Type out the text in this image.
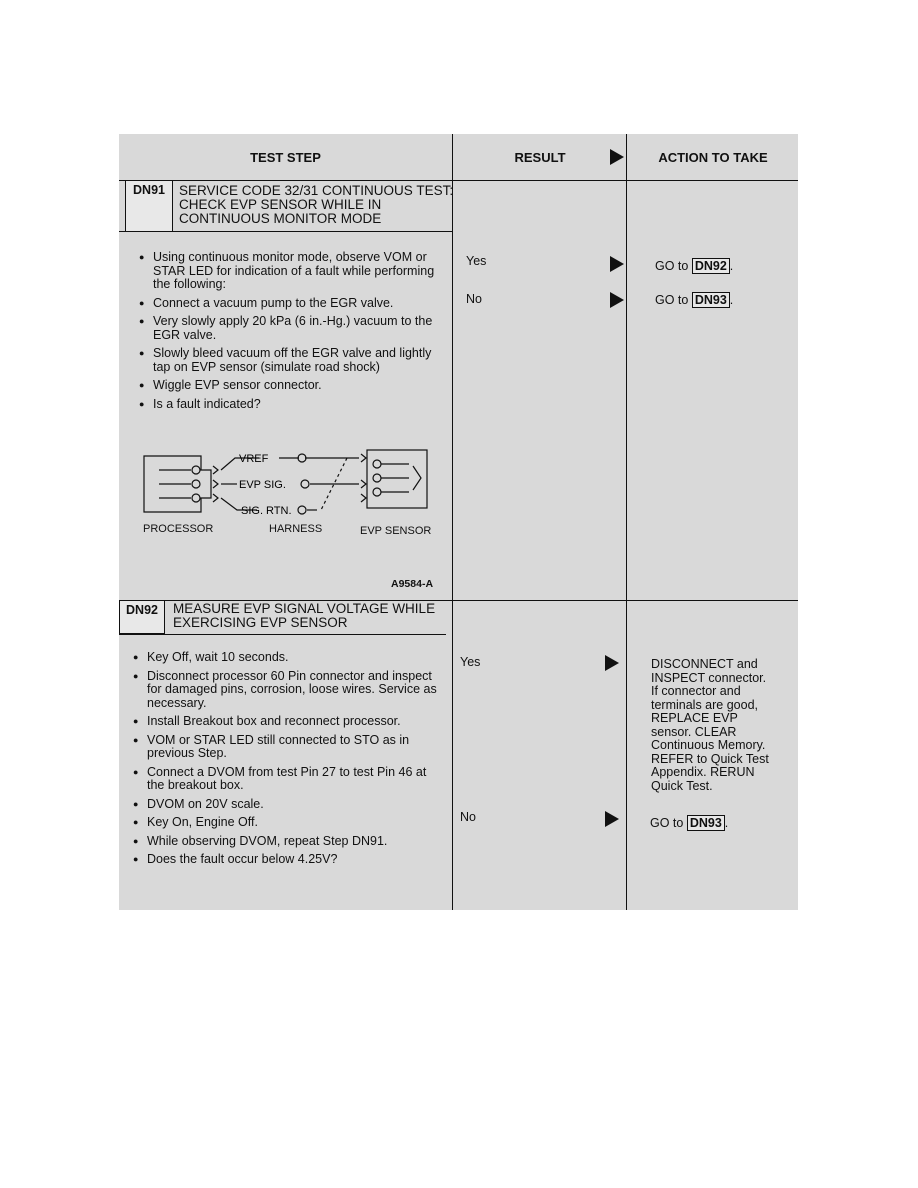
TEST STEP	RESULT	ACTION TO TAKE
DN91	SERVICE CODE 32/31 CONTINUOUS TEST:
CHECK EVP SENSOR WHILE IN
CONTINUOUS MONITOR MODE
● Using continuous monitor mode, observe VOM or STAR LED for indication of a fault while performing the following:
● Connect a vacuum pump to the EGR valve.
● Very slowly apply 20 kPa (6 in.-Hg.) vacuum to the EGR valve.
● Slowly bleed vacuum off the EGR valve and lightly tap on EVP sensor (simulate road shock)
● Wiggle EVP sensor connector.
● Is a fault indicated?
VREF
EVP SIG.
SIG. RTN.
PROCESSOR	HARNESS	EVP SENSOR
A9584-A
Yes	GO to DN92 .
No	GO to DN93 .
DN92	MEASURE EVP SIGNAL VOLTAGE WHILE
EXERCISING EVP SENSOR
● Key Off, wait 10 seconds.
● Disconnect processor 60 Pin connector and inspect for damaged pins, corrosion, loose wires. Service as necessary.
● Install Breakout box and reconnect processor.
● VOM or STAR LED still connected to STO as in previous Step.
● Connect a DVOM from test Pin 27 to test Pin 46 at the breakout box.
● DVOM on 20V scale.
● Key On, Engine Off.
● While observing DVOM, repeat Step DN91.
● Does the fault occur below 4.25V?
Yes	DISCONNECT and
INSPECT connector.
If connector and
terminals are good,
REPLACE EVP
sensor. CLEAR
Continuous Memory.
REFER to Quick Test
Appendix. RERUN
Quick Test.
No	GO to DN93 .
